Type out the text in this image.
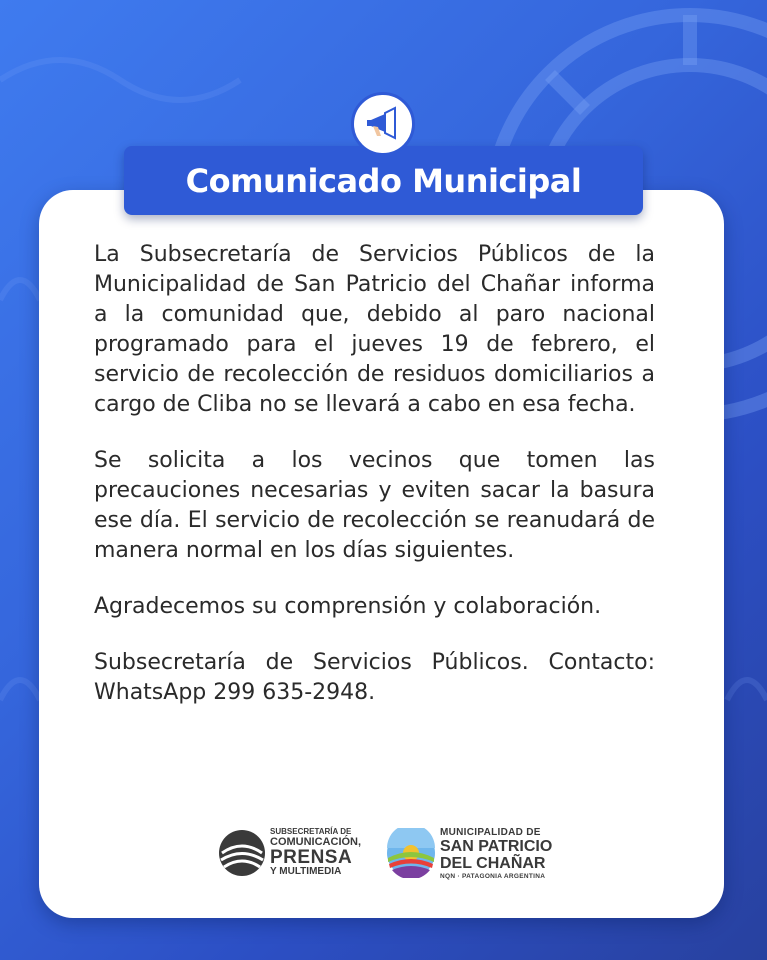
Comunicado Municipal

La Subsecretaría de Servicios Públicos de la Municipalidad de San Patricio del Chañar informa a la comunidad que, debido al paro nacional programado para el jueves 19 de febrero, el servicio de recolección de residuos domiciliarios a cargo de Cliba no se llevará a cabo en esa fecha.

Se solicita a los vecinos que tomen las precauciones necesarias y eviten sacar la basura ese día. El servicio de recolección se reanudará de manera normal en los días siguientes.

Agradecemos su comprensión y colaboración.

Subsecretaría de Servicios Públicos. Contacto: WhatsApp 299 635-2948.

SUBSECRETARÍA DE
COMUNICACIÓN,
PRENSA
Y MULTIMEDIA
MUNICIPALIDAD DE
SAN PATRICIO
DEL CHAÑAR
NQN · PATAGONIA ARGENTINA
